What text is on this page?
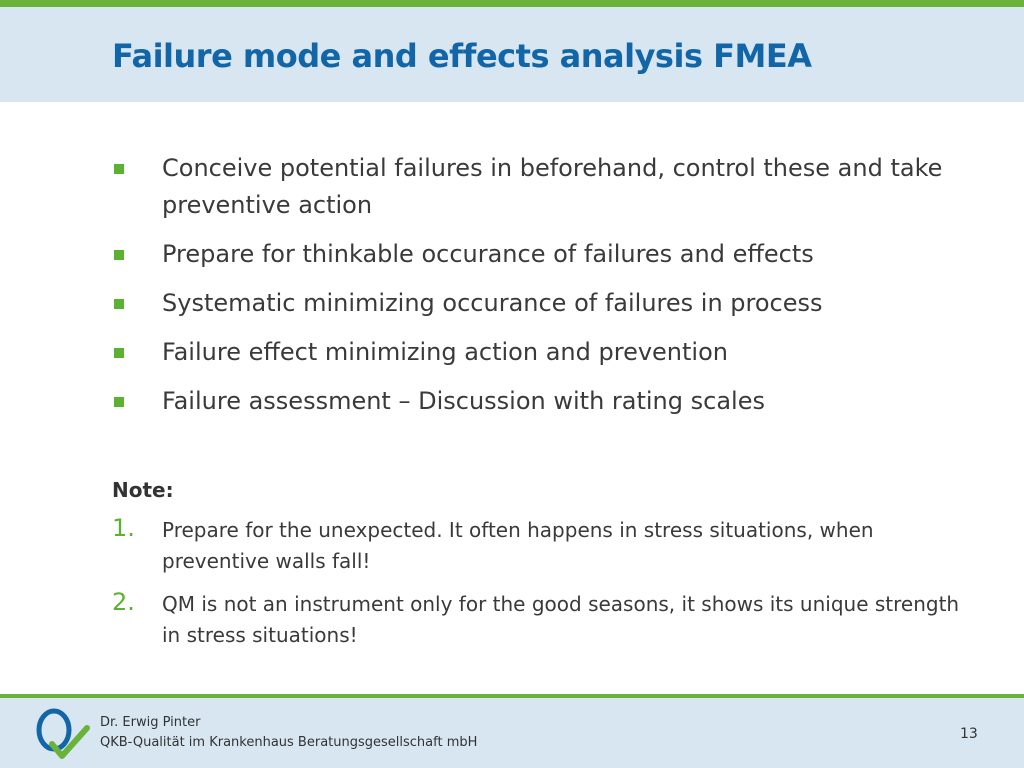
Failure mode and effects analysis FMEA
Conceive potential failures in beforehand, control these and take preventive action
Prepare for thinkable occurance of failures and effects
Systematic minimizing occurance of failures in process
Failure effect minimizing action and prevention
Failure assessment – Discussion with rating scales
Note:
1. Prepare for the unexpected. It often happens in stress situations, when preventive walls fall!
2. QM is not an instrument only for the good seasons, it shows its unique strength in stress situations!
Dr. Erwig Pinter
QKB-Qualität im Krankenhaus Beratungsgesellschaft mbH
13
